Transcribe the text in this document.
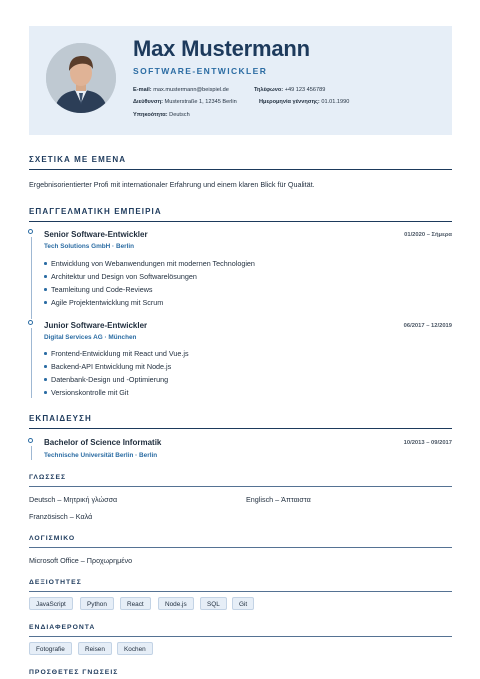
Max Mustermann
SOFTWARE-ENTWICKLER
E-mail: max.mustermann@beispiel.de	Τηλέφωνο: +49 123 456789
Διεύθυνση: Musterstraße 1, 12345 Berlin	Ημερομηνία γέννησης: 01.01.1990
Υπηκοότητα: Deutsch
ΣΧΕΤΙΚΑ ΜΕ ΕΜΕΝΑ
Ergebnisorientierter Profi mit internationaler Erfahrung und einem klaren Blick für Qualität.
ΕΠΑΓΓΕΛΜΑΤΙΚΗ ΕΜΠΕΙΡΙΑ
Senior Software-Entwickler	01/2020 – Σήμερα
Tech Solutions GmbH · Berlin
Entwicklung von Webanwendungen mit modernen Technologien
Architektur und Design von Softwarelösungen
Teamleitung und Code-Reviews
Agile Projektentwicklung mit Scrum
Junior Software-Entwickler	06/2017 – 12/2019
Digital Services AG · München
Frontend-Entwicklung mit React und Vue.js
Backend-API Entwicklung mit Node.js
Datenbank-Design und -Optimierung
Versionskontrolle mit Git
ΕΚΠΑΙΔΕΥΣΗ
Bachelor of Science Informatik	10/2013 – 09/2017
Technische Universität Berlin · Berlin
ΓΛΩΣΣΕΣ
Deutsch – Μητρική γλώσσα	Englisch – Άπταιστα
Französisch – Καλά
ΛΟΓΙΣΜΙΚΟ
Microsoft Office – Προχωρημένο
ΔΕΞΙΟΤΗΤΕΣ
JavaScript	Python	React	Node.js	SQL	Git
ΕΝΔΙΑΦΕΡΟΝΤΑ
Fotografie	Reisen	Kochen
ΠΡΟΣΘΕΤΕΣ ΓΝΩΣΕΙΣ
